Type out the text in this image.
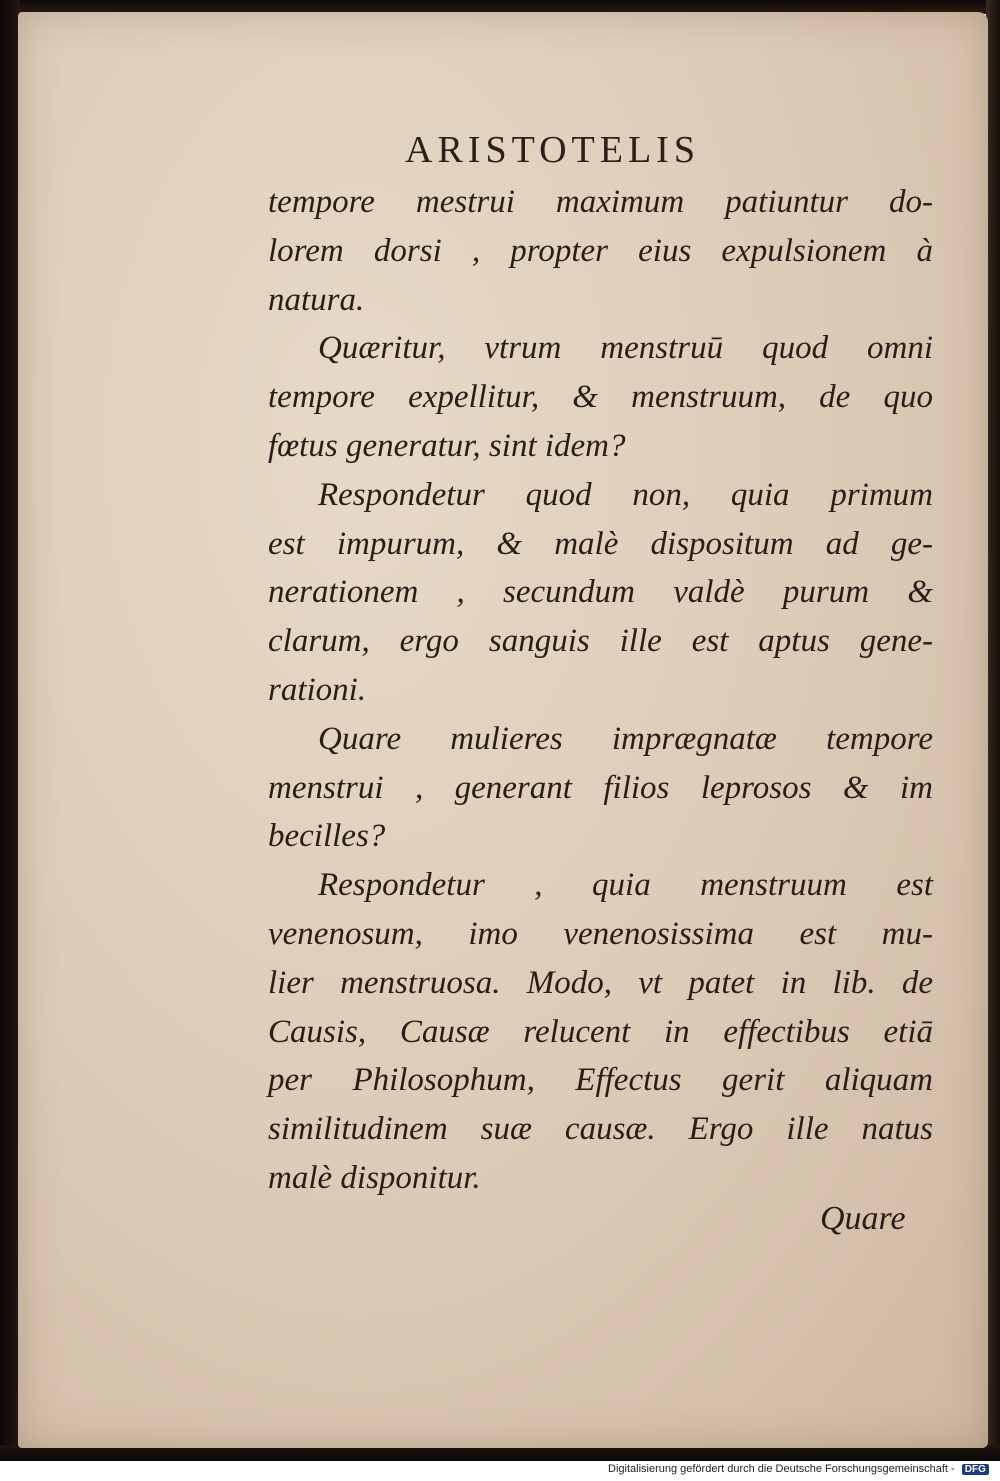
ARISTOTELIS
tempore mestrui maximum patiuntur do-
lorem dorsi , propter eius expulsionem à
natura.
Quæritur, vtrum menstruū quod omni
tempore expellitur, & menstruum, de quo
fœtus generatur, sint idem?
Respondetur quod non, quia primum
est impurum, & malè dispositum ad ge-
nerationem , secundum valdè purum &
clarum, ergo sanguis ille est aptus gene-
rationi.
Quare mulieres imprægnatæ tempore
menstrui , generant filios leprosos & im
becilles?
Respondetur , quia menstruum est
venenosum, imo venenosissima est mu-
lier menstruosa. Modo, vt patet in lib. de
Causis, Causæ relucent in effectibus etiā
per Philosophum, Effectus gerit aliquam
similitudinem suæ causæ. Ergo ille natus
malè disponitur.
Quare
Digitalisierung gefördert durch die Deutsche Forschungsgemeinschaft - DFG
